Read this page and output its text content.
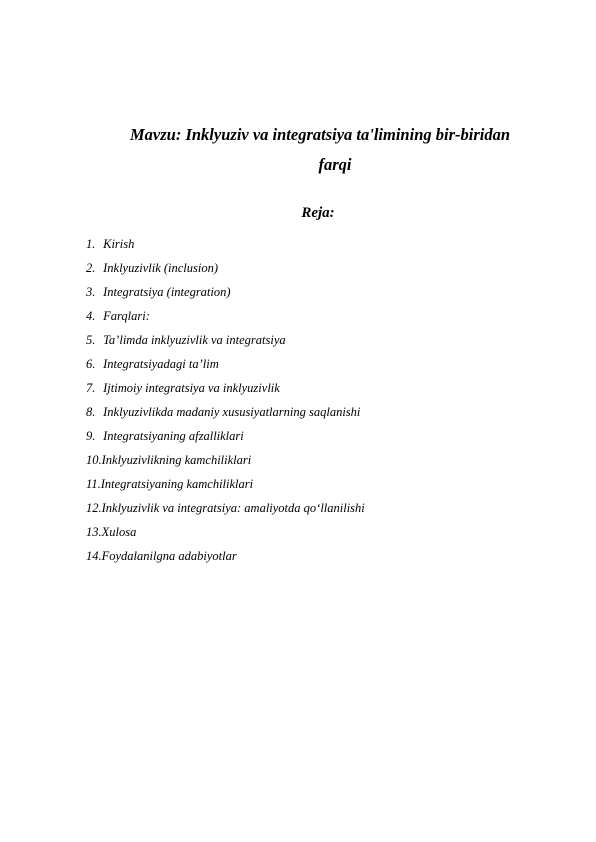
Mavzu: Inklyuziv va integratsiya ta'limining bir-biridan
farqi
Reja:
1. Kirish
2. Inklyuzivlik (inclusion)
3. Integratsiya (integration)
4. Farqlari:
5. Ta’limda inklyuzivlik va integratsiya
6. Integratsiyadagi ta’lim
7. Ijtimoiy integratsiya va inklyuzivlik
8. Inklyuzivlikda madaniy xususiyatlarning saqlanishi
9. Integratsiyaning afzalliklari
10.Inklyuzivlikning kamchiliklari
11.Integratsiyaning kamchiliklari
12.Inklyuzivlik va integratsiya: amaliyotda qo‘llanilishi
13.Xulosa
14.Foydalanilgna adabiyotlar
